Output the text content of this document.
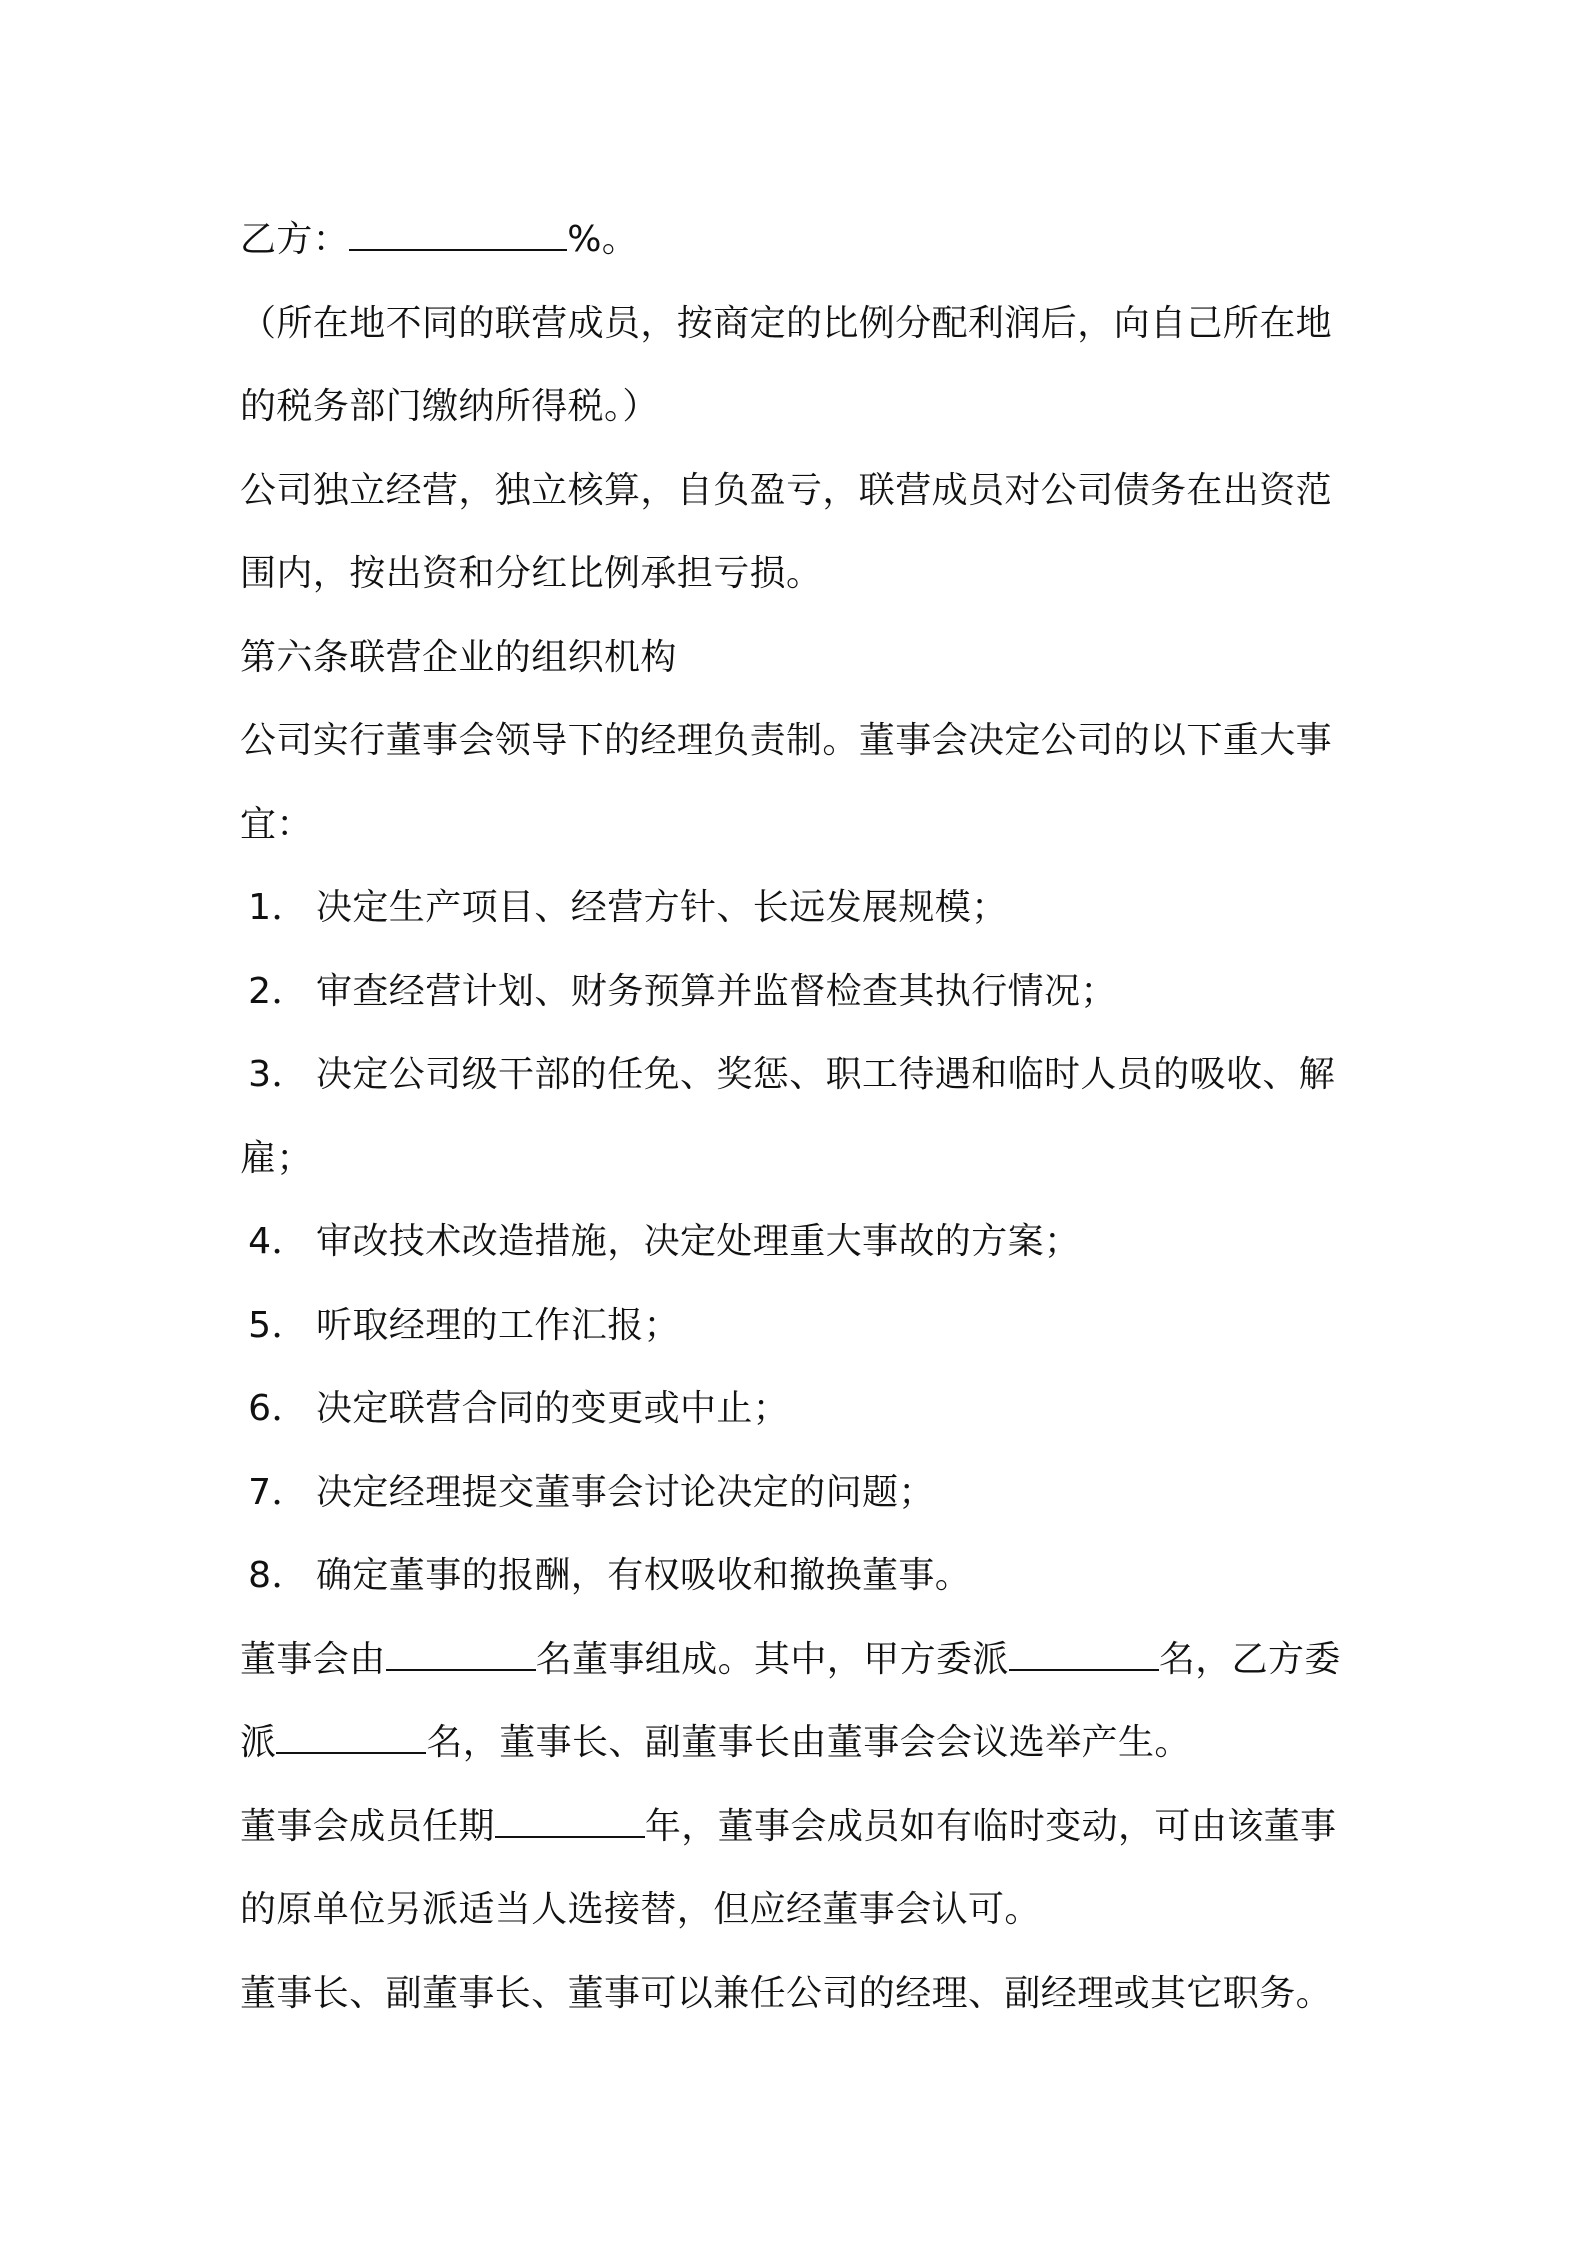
乙方：	%。
（所在地不同的联营成员，按商定的比例分配利润后，向自己所在地
的税务部门缴纳所得税。）
公司独立经营，独立核算，自负盈亏，联营成员对公司债务在出资范
围内，按出资和分红比例承担亏损。
第六条联营企业的组织机构
公司实行董事会领导下的经理负责制。董事会决定公司的以下重大事
宜：
1． 决定生产项目、经营方针、长远发展规模；
2． 审查经营计划、财务预算并监督检查其执行情况；
3． 决定公司级干部的任免、奖惩、职工待遇和临时人员的吸收、解
雇；
4． 审改技术改造措施，决定处理重大事故的方案；
5． 听取经理的工作汇报；
6． 决定联营合同的变更或中止；
7． 决定经理提交董事会讨论决定的问题；
8． 确定董事的报酬，有权吸收和撤换董事。
董事会由	名董事组成。其中，甲方委派	名，乙方委
派	名，董事长、副董事长由董事会会议选举产生。
董事会成员任期	年，董事会成员如有临时变动，可由该董事
的原单位另派适当人选接替，但应经董事会认可。
董事长、副董事长、董事可以兼任公司的经理、副经理或其它职务。
